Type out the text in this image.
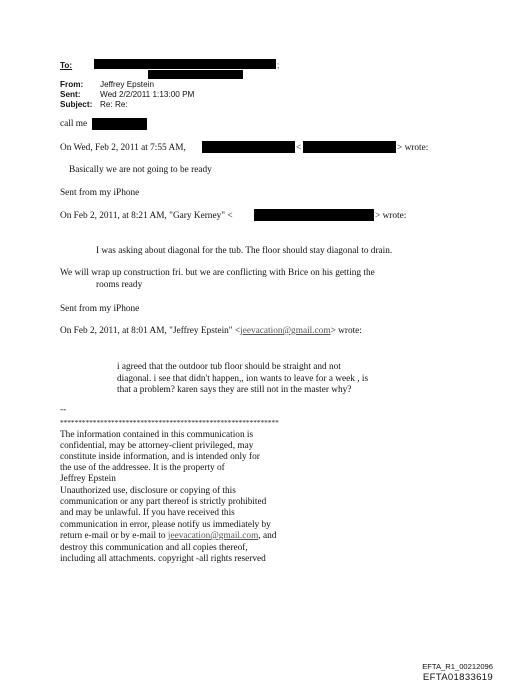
To:	;
From: Jeffrey Epstein
Sent: Wed 2/2/2011 1:13:00 PM
Subject: Re: Re:
call me
On Wed, Feb 2, 2011 at 7:55 AM,	<	> wrote:
Basically we are not going to be ready
Sent from my iPhone
On Feb 2, 2011, at 8:21 AM, "Gary Kerney" <	> wrote:
I was asking about diagonal for the tub. The floor should stay diagonal to drain.
We will wrap up construction fri. but we are conflicting with Brice on his getting the
rooms ready
Sent from my iPhone
On Feb 2, 2011, at 8:01 AM, "Jeffrey Epstein" <jeevacation@gmail.com> wrote:
i agreed that the outdoor tub floor should be straight and not
diagonal. i see that didn't happen,, ion wants to leave for a week , is
that a problem? karen says they are still not in the master why?
--
************************************************************
The information contained in this communication is
confidential, may be attorney-client privileged, may
constitute inside information, and is intended only for
the use of the addressee. It is the property of
Jeffrey Epstein
Unauthorized use, disclosure or copying of this
communication or any part thereof is strictly prohibited
and may be unlawful. If you have received this
communication in error, please notify us immediately by
return e-mail or by e-mail to jeevacation@gmail.com, and
destroy this communication and all copies thereof,
including all attachments. copyright -all rights reserved
EFTA_R1_00212096
EFTA01833619
